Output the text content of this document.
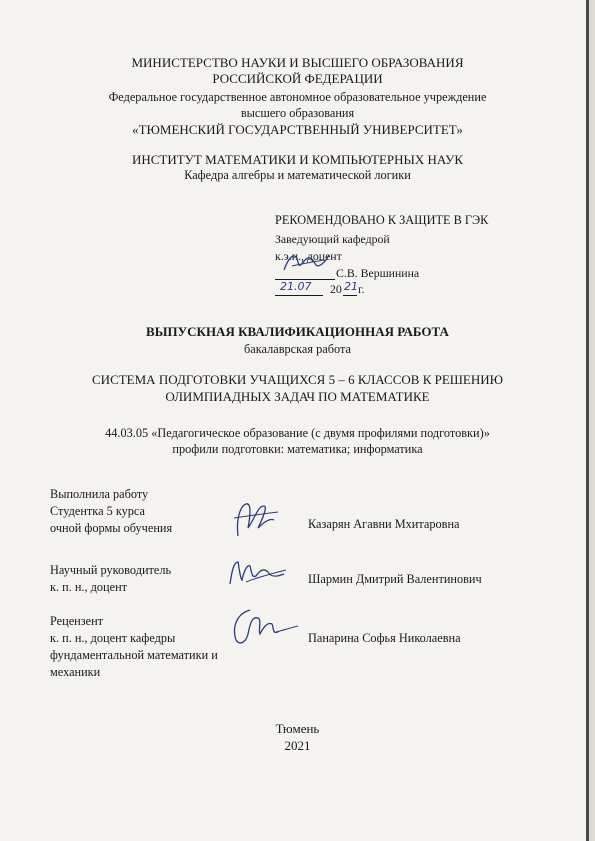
МИНИСТЕРСТВО НАУКИ И ВЫСШЕГО ОБРАЗОВАНИЯ
РОССИЙСКОЙ ФЕДЕРАЦИИ
Федеральное государственное автономное образовательное учреждение
высшего образования
«ТЮМЕНСКИЙ ГОСУДАРСТВЕННЫЙ УНИВЕРСИТЕТ»
ИНСТИТУТ МАТЕМАТИКИ И КОМПЬЮТЕРНЫХ НАУК
Кафедра алгебры и математической логики
РЕКОМЕНДОВАНО К ЗАЩИТЕ В ГЭК
Заведующий кафедрой
к.э.н., доцент
С.В. Вершинина
21.07 20 21 г.
ВЫПУСКНАЯ КВАЛИФИКАЦИОННАЯ РАБОТА
бакалаврская работа
СИСТЕМА ПОДГОТОВКИ УЧАЩИХСЯ 5 – 6 КЛАССОВ К РЕШЕНИЮ
ОЛИМПИАДНЫХ ЗАДАЧ ПО МАТЕМАТИКЕ
44.03.05 «Педагогическое образование (с двумя профилями подготовки)»
профили подготовки: математика; информатика
Выполнила работу
Студентка 5 курса
очной формы обучения	Казарян Агавни Мхитаровна
Научный руководитель
к. п. н., доцент
Шармин Дмитрий Валентинович
Рецензент
к. п. н., доцент кафедры
фундаментальной математики и
механики
Панарина Софья Николаевна
Тюмень
2021
